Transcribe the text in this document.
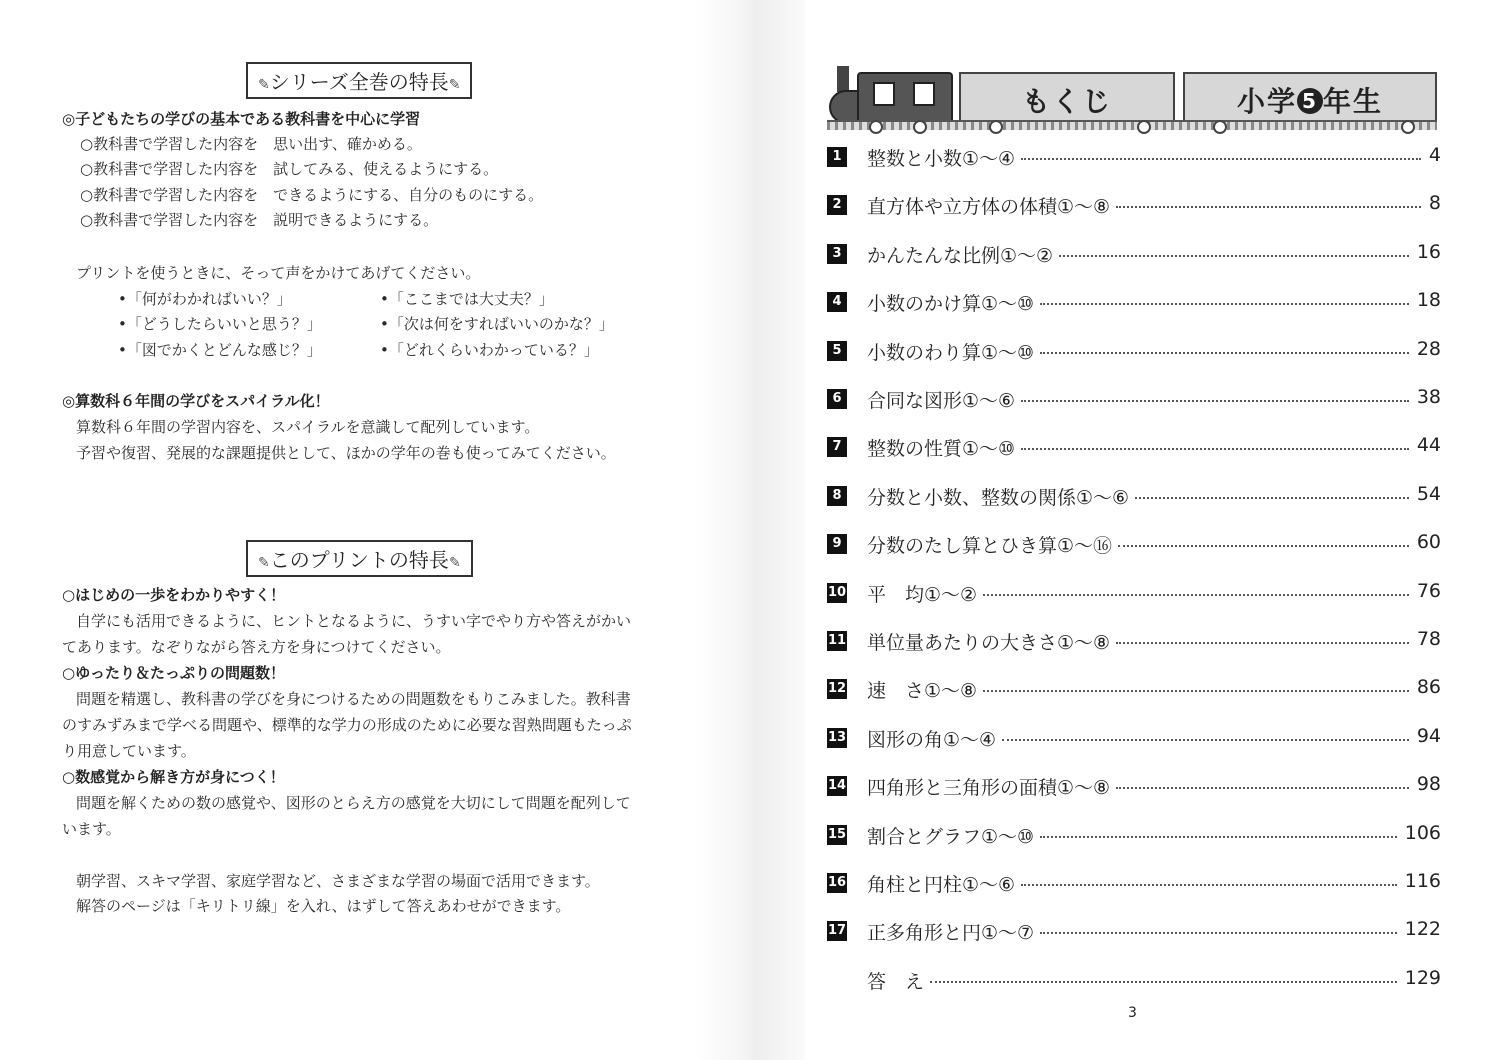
✎シリーズ全巻の特長✎
◎子どもたちの学びの基本である教科書を中心に学習
○教科書で学習した内容を　思い出す、確かめる。
○教科書で学習した内容を　試してみる、使えるようにする。
○教科書で学習した内容を　できるようにする、自分のものにする。
○教科書で学習した内容を　説明できるようにする。
プリントを使うときに、そって声をかけてあげてください。
•「何がわかればいい？」
•「どうしたらいいと思う？」
•「図でかくとどんな感じ？」
•「ここまでは大丈夫？」
•「次は何をすればいいのかな？」
•「どれくらいわかっている？」
◎算数科６年間の学びをスパイラル化！
算数科６年間の学習内容を、スパイラルを意識して配列しています。
予習や復習、発展的な課題提供として、ほかの学年の巻も使ってみてください。
✎このプリントの特長✎
○はじめの一歩をわかりやすく！
自学にも活用できるように、ヒントとなるように、うすい字でやり方や答えがかい
てあります。なぞりながら答え方を身につけてください。
○ゆったり＆たっぷりの問題数！
問題を精選し、教科書の学びを身につけるための問題数をもりこみました。教科書
のすみずみまで学べる問題や、標準的な学力の形成のために必要な習熟問題もたっぷ
り用意しています。
○数感覚から解き方が身につく！
問題を解くための数の感覚や、図形のとらえ方の感覚を大切にして問題を配列して
います。
朝学習、スキマ学習、家庭学習など、さまざまな学習の場面で活用できます。
解答のページは「キリトリ線」を入れ、はずして答えあわせができます。
もくじ	小学 5 年生
1 整数と小数①～④	4
2 直方体や立方体の体積①～⑧	8
3 かんたんな比例①～②	16
4 小数のかけ算①～⑩	18
5 小数のわり算①～⑩	28
6 合同な図形①～⑥	38
7 整数の性質①～⑩	44
8 分数と小数、整数の関係①～⑥	54
9 分数のたし算とひき算①～⑯	60
10 平　均①～②	76
11 単位量あたりの大きさ①～⑧	78
12 速　さ①～⑧	86
13 図形の角①～④	94
14 四角形と三角形の面積①～⑧	98
15 割合とグラフ①～⑩	106
16 角柱と円柱①～⑥	116
17 正多角形と円①～⑦	122
答　え	129
3
